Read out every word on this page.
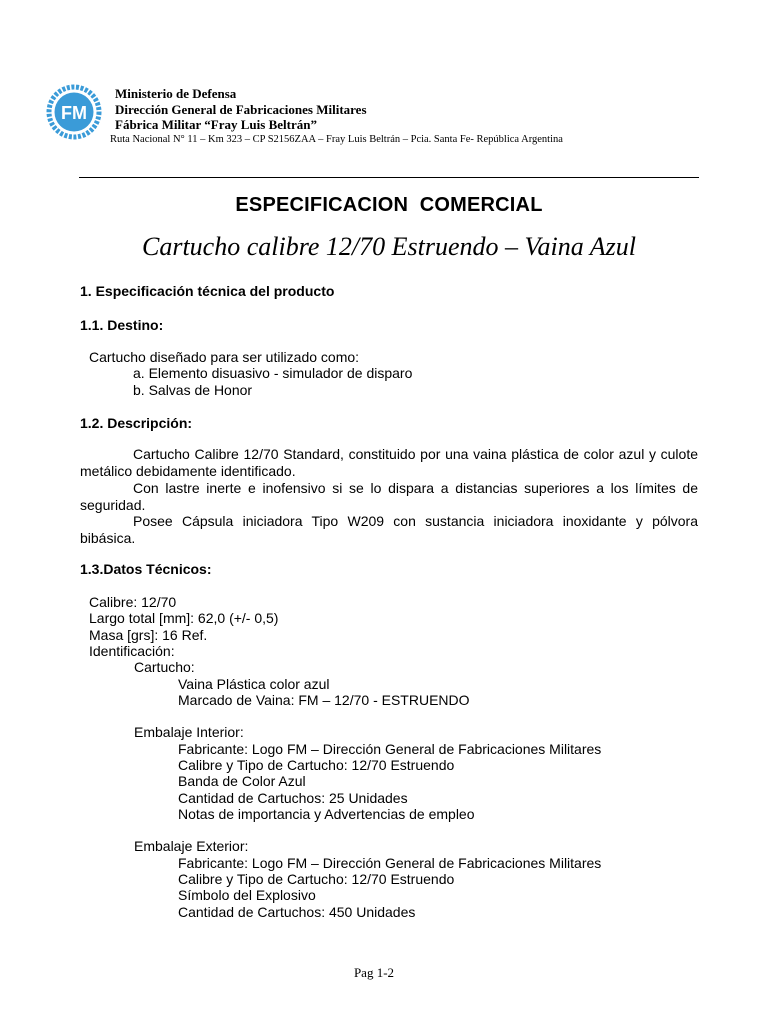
FM
Ministerio de Defensa
Dirección General de Fabricaciones Militares
Fábrica Militar “Fray Luis Beltrán”
Ruta Nacional N° 11 – Km 323 – CP S2156ZAA – Fray Luis Beltrán – Pcia. Santa Fe- República Argentina
ESPECIFICACION  COMERCIAL
Cartucho calibre 12/70 Estruendo – Vaina Azul
1. Especificación técnica del producto
1.1. Destino:
Cartucho diseñado para ser utilizado como:
a. Elemento disuasivo - simulador de disparo
b. Salvas de Honor
1.2. Descripción:
Cartucho Calibre 12/70 Standard, constituido por una vaina plástica de color azul y culote metálico debidamente identificado.
Con lastre inerte e inofensivo si se lo dispara a distancias superiores a los límites de seguridad.
Posee Cápsula iniciadora Tipo W209 con sustancia iniciadora inoxidante y pólvora bibásica.
1.3.Datos Técnicos:
Calibre: 12/70
Largo total [mm]: 62,0 (+/- 0,5)
Masa [grs]: 16 Ref.
Identificación:
Cartucho:
Vaina Plástica color azul
Marcado de Vaina: FM – 12/70 - ESTRUENDO
Embalaje Interior:
Fabricante: Logo FM – Dirección General de Fabricaciones Militares
Calibre y Tipo de Cartucho: 12/70 Estruendo
Banda de Color Azul
Cantidad de Cartuchos: 25 Unidades
Notas de importancia y Advertencias de empleo
Embalaje Exterior:
Fabricante: Logo FM – Dirección General de Fabricaciones Militares
Calibre y Tipo de Cartucho: 12/70 Estruendo
Símbolo del Explosivo
Cantidad de Cartuchos: 450 Unidades
Pag 1-2
